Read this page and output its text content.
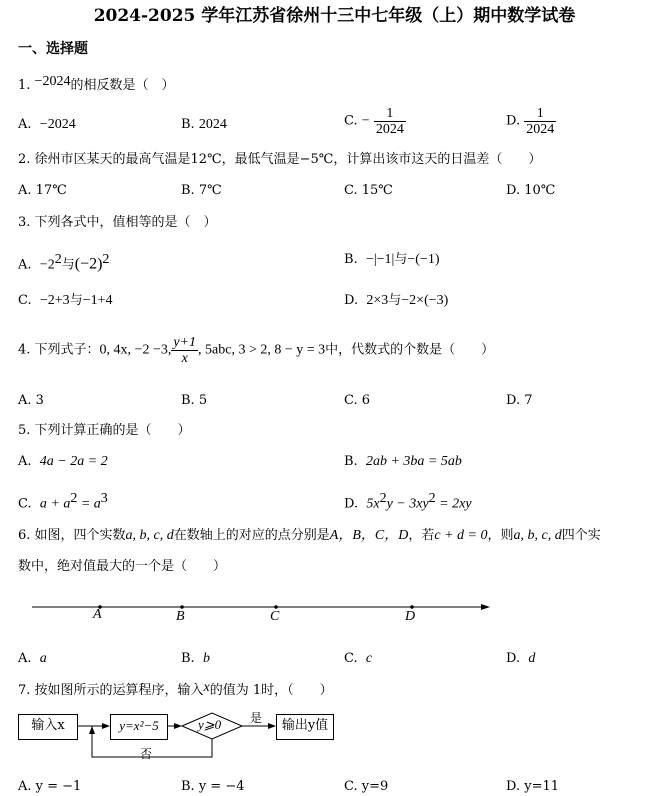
2024-2025 学年江苏省徐州十三中七年级（上）期中数学试卷
一、选择题
1. −2024的相反数是（　）
A. −2024	B. 2024	C. − $\frac{1}{2024}$	D. $\frac{1}{2024}$
2. 徐州市区某天的最高气温是12℃，最低气温是−5℃，计算出该市这天的日温差（　　）
A. 17℃	B. 7℃	C. 15℃	D. 10℃
3. 下列各式中，值相等的是（　）
A. $-2^2$与$(-2)^2$	B. −|−1|与−(−1)
C. −2+3与−1+4	D. 2×3与−2×(−3)
4. 下列式子：0, 4x, −2 −3, $\frac{y+1}{x}$ , 5abc, 3 > 2, 8 − y = 3中，代数式的个数是（　　）
A. 3	B. 5	C. 6	D. 7
5. 下列计算正确的是（　　）
A. 4a − 2a = 2	B. 2ab + 3ba = 5ab
C. $a + a^2 = a^3$	D. $5x^2y - 3xy^2 = 2xy$
6. 如图，四个实数a, b, c, d在数轴上的对应的点分别是A，B，C，D，若c + d = 0，则a, b, c, d四个实
数中，绝对值最大的一个是（　　）
A	B	C	D
A. a	B. b	C. c	D. d
7. 按如图所示的运算程序，输入x的值为 1时，（　　）
输入x	y=x²−5	y⩾0 是	输出y值
否
A. y = −1	B. y = −4	C. y=9	D. y=11
